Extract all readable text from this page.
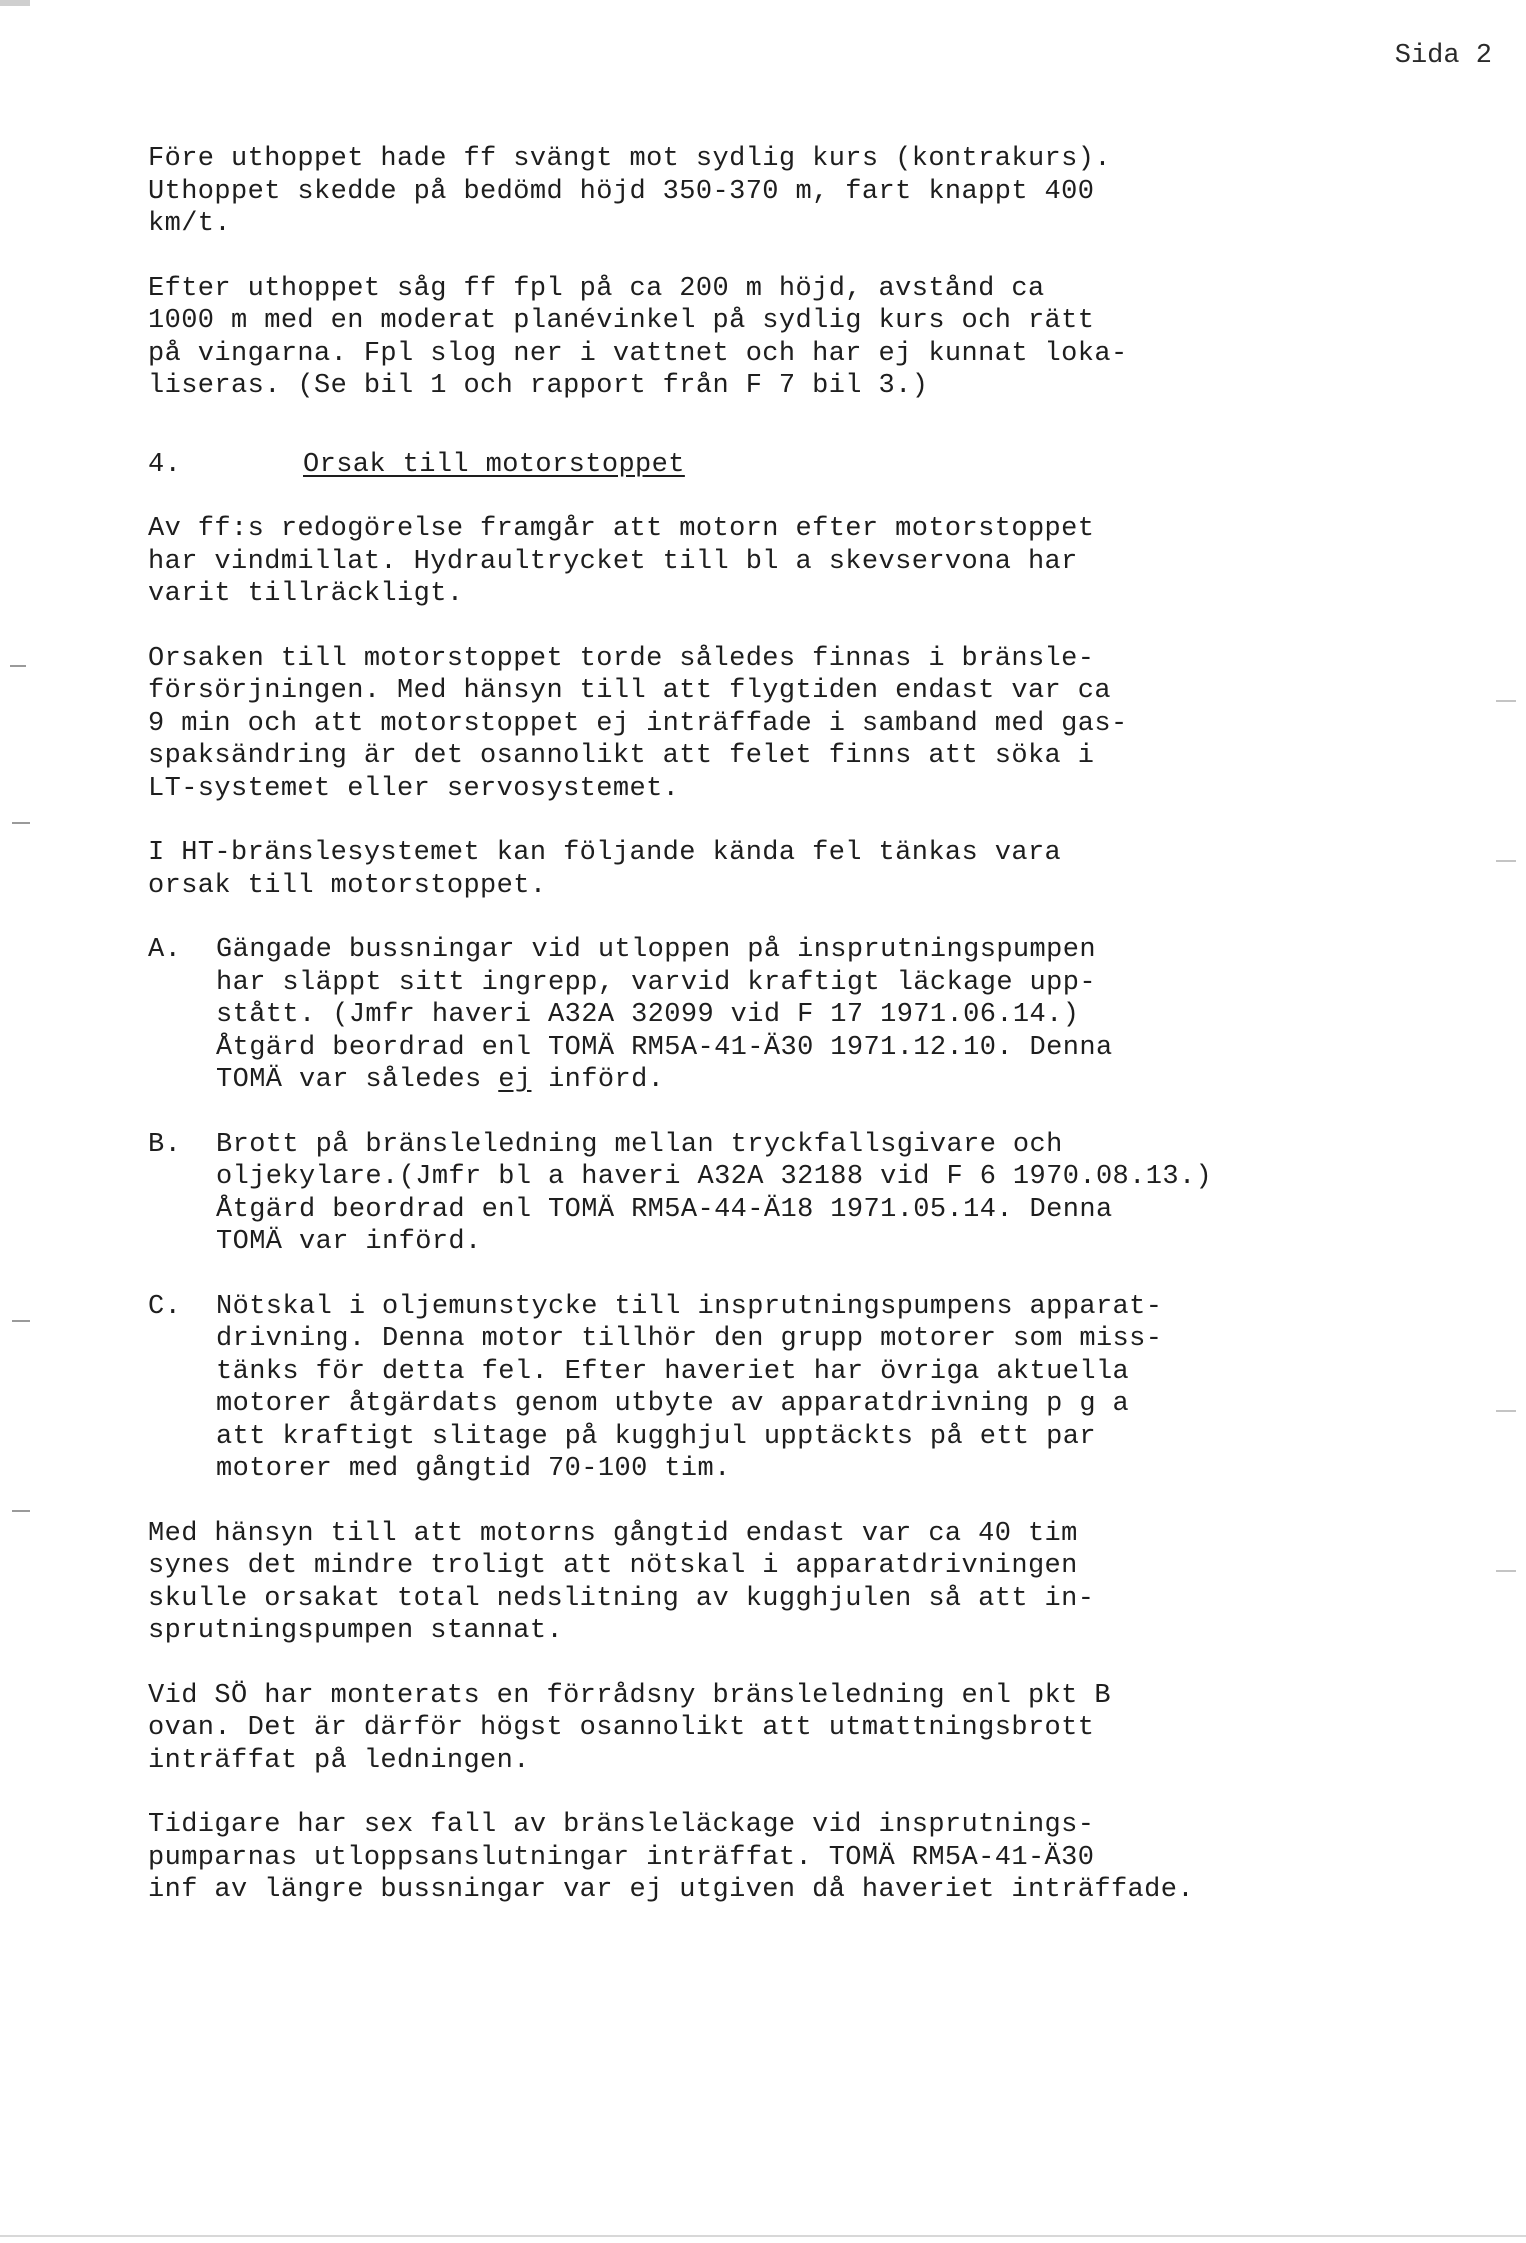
Sida 2

Före uthoppet hade ff svängt mot sydlig kurs (kontrakurs).
Uthoppet skedde på bedömd höjd 350-370 m, fart knappt 400
km/t.

Efter uthoppet såg ff fpl på ca 200 m höjd, avstånd ca
1000 m med en moderat planévinkel på sydlig kurs och rätt
på vingarna. Fpl slog ner i vattnet och har ej kunnat loka-
liseras. (Se bil 1 och rapport från F 7 bil 3.)

4.	Orsak till motorstoppet

Av ff:s redogörelse framgår att motorn efter motorstoppet
har vindmillat. Hydraultrycket till bl a skevservona har
varit tillräckligt.

Orsaken till motorstoppet torde således finnas i bränsle-
försörjningen. Med hänsyn till att flygtiden endast var ca
9 min och att motorstoppet ej inträffade i samband med gas-
spaksändring är det osannolikt att felet finns att söka i
LT-systemet eller servosystemet.

I HT-bränslesystemet kan följande kända fel tänkas vara
orsak till motorstoppet.

A.	Gängade bussningar vid utloppen på insprutningspumpen
har släppt sitt ingrepp, varvid kraftigt läckage upp-
stått. (Jmfr haveri A32A 32099 vid F 17 1971.06.14.)
Åtgärd beordrad enl TOMÄ RM5A-41-Ä30 1971.12.10. Denna
TOMÄ var således ej införd.
B.	Brott på bränsleledning mellan tryckfallsgivare och
oljekylare.(Jmfr bl a haveri A32A 32188 vid F 6 1970.08.13.)
Åtgärd beordrad enl TOMÄ RM5A-44-Ä18 1971.05.14. Denna
TOMÄ var införd.
C.	Nötskal i oljemunstycke till insprutningspumpens apparat-
drivning. Denna motor tillhör den grupp motorer som miss-
tänks för detta fel. Efter haveriet har övriga aktuella
motorer åtgärdats genom utbyte av apparatdrivning p g a
att kraftigt slitage på kugghjul upptäckts på ett par
motorer med gångtid 70-100 tim.

Med hänsyn till att motorns gångtid endast var ca 40 tim
synes det mindre troligt att nötskal i apparatdrivningen
skulle orsakat total nedslitning av kugghjulen så att in-
sprutningspumpen stannat.

Vid SÖ har monterats en förrådsny bränsleledning enl pkt B
ovan. Det är därför högst osannolikt att utmattningsbrott
inträffat på ledningen.

Tidigare har sex fall av bränsleläckage vid insprutnings-
pumparnas utloppsanslutningar inträffat. TOMÄ RM5A-41-Ä30
inf av längre bussningar var ej utgiven då haveriet inträffade.
